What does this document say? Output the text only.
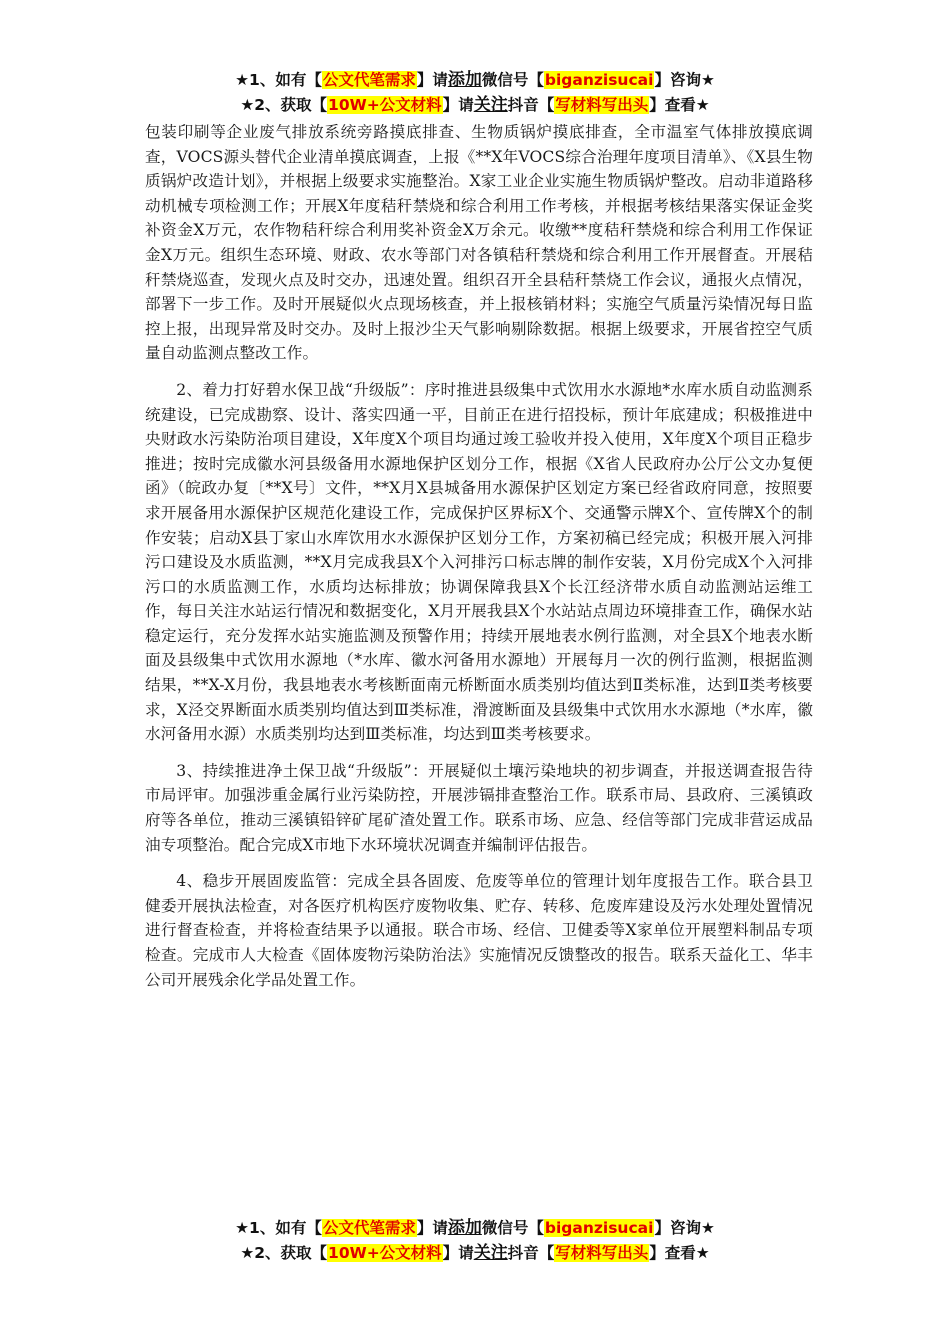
★1、如有【公文代笔需求】请添加微信号【biganzisucai】咨询★
★2、获取【10W+公文材料】请关注抖音【写材料写出头】查看★

包装印刷等企业废气排放系统旁路摸底排查、生物质锅炉摸底排查，全市温室气体排放摸底调查，VOCS源头替代企业清单摸底调查，上报《**X年VOCS综合治理年度项目清单》、《X县生物质锅炉改造计划》，并根据上级要求实施整治。X家工业企业实施生物质锅炉整改。启动非道路移动机械专项检测工作；开展X年度秸秆禁烧和综合利用工作考核，并根据考核结果落实保证金奖补资金X万元，农作物秸秆综合利用奖补资金X万余元。收缴**度秸秆禁烧和综合利用工作保证金X万元。组织生态环境、财政、农水等部门对各镇秸秆禁烧和综合利用工作开展督查。开展秸秆禁烧巡查，发现火点及时交办，迅速处置。组织召开全县秸秆禁烧工作会议，通报火点情况，部署下一步工作。及时开展疑似火点现场核查，并上报核销材料；实施空气质量污染情况每日监控上报，出现异常及时交办。及时上报沙尘天气影响剔除数据。根据上级要求，开展省控空气质量自动监测点整改工作。

2、着力打好碧水保卫战“升级版”：序时推进县级集中式饮用水水源地*水库水质自动监测系统建设，已完成勘察、设计、落实四通一平，目前正在进行招投标，预计年底建成；积极推进中央财政水污染防治项目建设，X年度X个项目均通过竣工验收并投入使用，X年度X个项目正稳步推进；按时完成徽水河县级备用水源地保护区划分工作，根据《X省人民政府办公厅公文办复便函》（皖政办复〔**X号〕文件，**X月X县城备用水源保护区划定方案已经省政府同意，按照要求开展备用水源保护区规范化建设工作，完成保护区界标X个、交通警示牌X个、宣传牌X个的制作安装；启动X县丁家山水库饮用水水源保护区划分工作，方案初稿已经完成；积极开展入河排污口建设及水质监测，**X月完成我县X个入河排污口标志牌的制作安装，X月份完成X个入河排污口的水质监测工作，水质均达标排放；协调保障我县X个长江经济带水质自动监测站运维工作，每日关注水站运行情况和数据变化，X月开展我县X个水站站点周边环境排查工作，确保水站稳定运行，充分发挥水站实施监测及预警作用；持续开展地表水例行监测，对全县X个地表水断面及县级集中式饮用水源地（*水库、徽水河备用水源地）开展每月一次的例行监测，根据监测结果，**X-X月份，我县地表水考核断面南元桥断面水质类别均值达到Ⅱ类标准，达到Ⅱ类考核要求，X泾交界断面水质类别均值达到Ⅲ类标准，滑渡断面及县级集中式饮用水水源地（*水库，徽水河备用水源）水质类别均达到Ⅲ类标准，均达到Ⅲ类考核要求。

3、持续推进净土保卫战“升级版”：开展疑似土壤污染地块的初步调查，并报送调查报告待市局评审。加强涉重金属行业污染防控，开展涉镉排查整治工作。联系市局、县政府、三溪镇政府等各单位，推动三溪镇铅锌矿尾矿渣处置工作。联系市场、应急、经信等部门完成非营运成品油专项整治。配合完成X市地下水环境状况调查并编制评估报告。

4、稳步开展固废监管：完成全县各固废、危废等单位的管理计划年度报告工作。联合县卫健委开展执法检查，对各医疗机构医疗废物收集、贮存、转移、危废库建设及污水处理处置情况进行督查检查，并将检查结果予以通报。联合市场、经信、卫健委等X家单位开展塑料制品专项检查。完成市人大检查《固体废物污染防治法》实施情况反馈整改的报告。联系天益化工、华丰公司开展残余化学品处置工作。

★1、如有【公文代笔需求】请添加微信号【biganzisucai】咨询★
★2、获取【10W+公文材料】请关注抖音【写材料写出头】查看★
